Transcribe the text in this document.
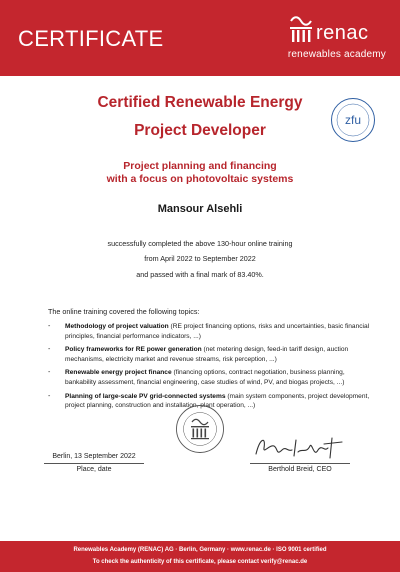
CERTIFICATE	renac
renewables academy
Certified Renewable Energy
Project Developer
zfu
Project planning and financing
with a focus on photovoltaic systems
Mansour Alsehli
successfully completed the above 130-hour online training
from April 2022 to September 2022
and passed with a final mark of 83.40%.
The online training covered the following topics:
- Methodology of project valuation (RE project financing options, risks and uncertainties, basic financial principles, financial performance indicators, ...)
- Policy frameworks for RE power generation (net metering design, feed-in tariff design, auction mechanisms, electricity market and revenue streams, risk perception, ...)
- Renewable energy project finance (financing options, contract negotiation, business planning, bankability assessment, financial engineering, case studies of wind, PV, and biogas projects, ...)
- Planning of large-scale PV grid-connected systems (main system components, project development, project planning, construction and installation, plant operation, ...)
Berlin, 13 September 2022
Place, date	Berthold Breid, CEO
Renewables Academy (RENAC) AG · Berlin, Germany · www.renac.de · ISO 9001 certified
To check the authenticity of this certificate, please contact verify@renac.de
